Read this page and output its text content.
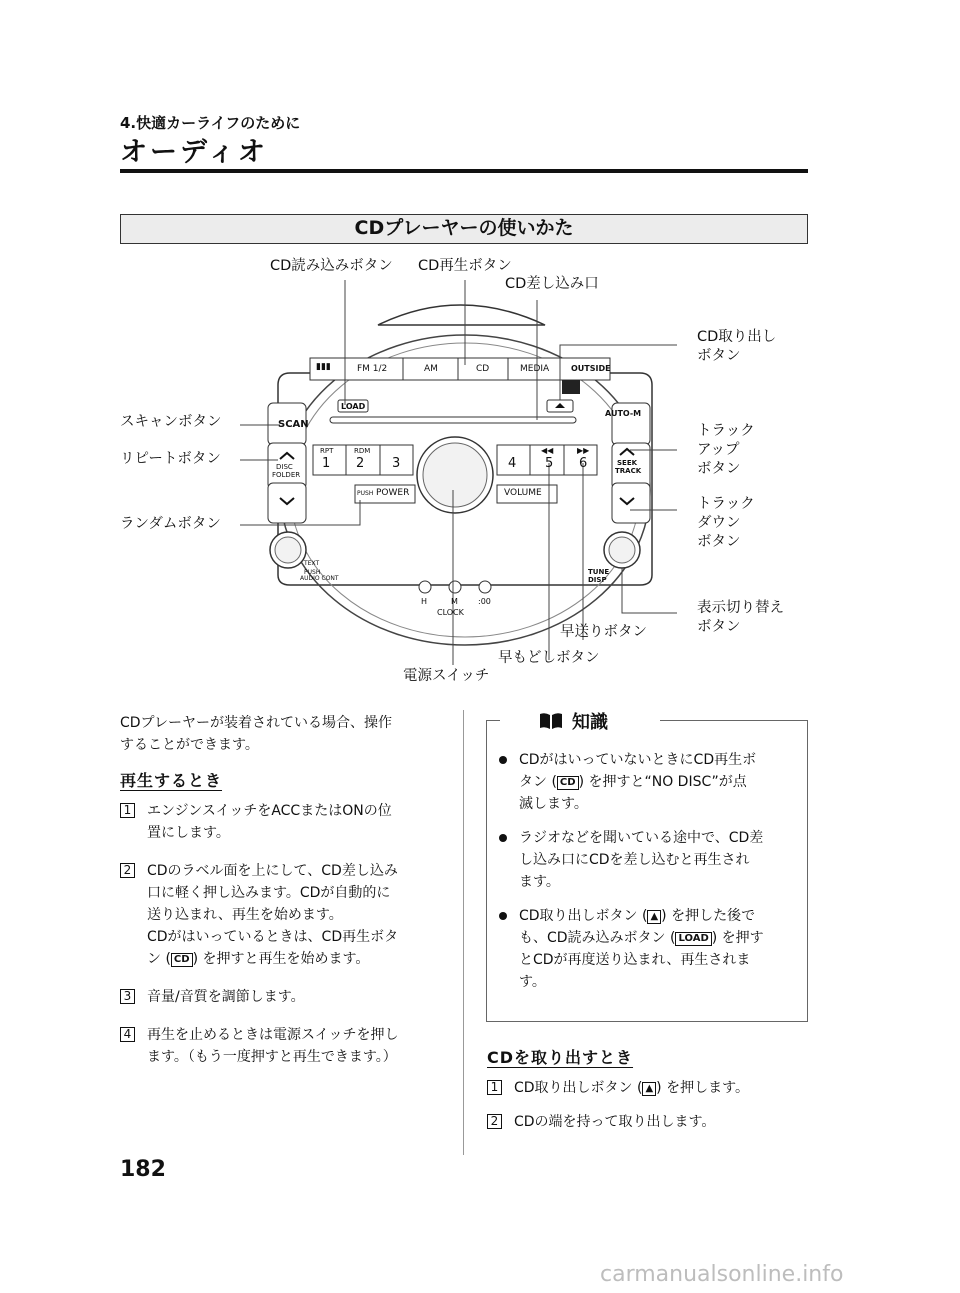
4.快適カーライフのために
オーディオ
CDプレーヤーの使いかた
▮▮▮	FM 1/2	AM	CD	MEDIA	OUTSIDE
LOAD
SCAN
AUTO-M
DISC
FOLDER
RPT	RDM
1 2 3	4 5 6
◀◀	▶▶
SEEK
TRACK
PUSH POWER	VOLUME
TEXT
PUSH
AUDIO CONT
TUNE
DISP
H	M	:00
CLOCK
CD読み込みボタン CD再生ボタン
CD差し込み口
CD取り出し
ボタン
スキャンボタン
リピートボタン
ランダムボタン
トラック
アップ
ボタン
トラック
ダウン
ボタン
表示切り替え
ボタン
早送りボタン
早もどしボタン
電源スイッチ
CDプレーヤーが装着されている場合、操作
することができます。
再生するとき
1 エンジンスイッチをACCまたはONの位
置にします。
2 CDのラベル面を上にして、CD差し込み
口に軽く押し込みます。CDが自動的に
送り込まれ、再生を始めます。
CDがはいっているときは、CD再生ボタ
ン ( CD ) を押すと再生を始めます。
3 音量/音質を調節します。
4 再生を止めるときは電源スイッチを押し
ます。（もう一度押すと再生できます。）
CDがはいっていないときにCD再生ボ
タン ( CD ) を押すと“NO DISC”が点
滅します。
ラジオなどを聞いている途中で、CD差
し込み口にCDを差し込むと再生され
ます。
CD取り出しボタン ( ▲ ) を押した後で
も、CD読み込みボタン ( LOAD ) を押す
とCDが再度送り込まれ、再生されま
す。
知識
CDを取り出すとき
1 CD取り出しボタン ( ▲ ) を押します。
2 CDの端を持って取り出します。
182
carmanualsonline.info
